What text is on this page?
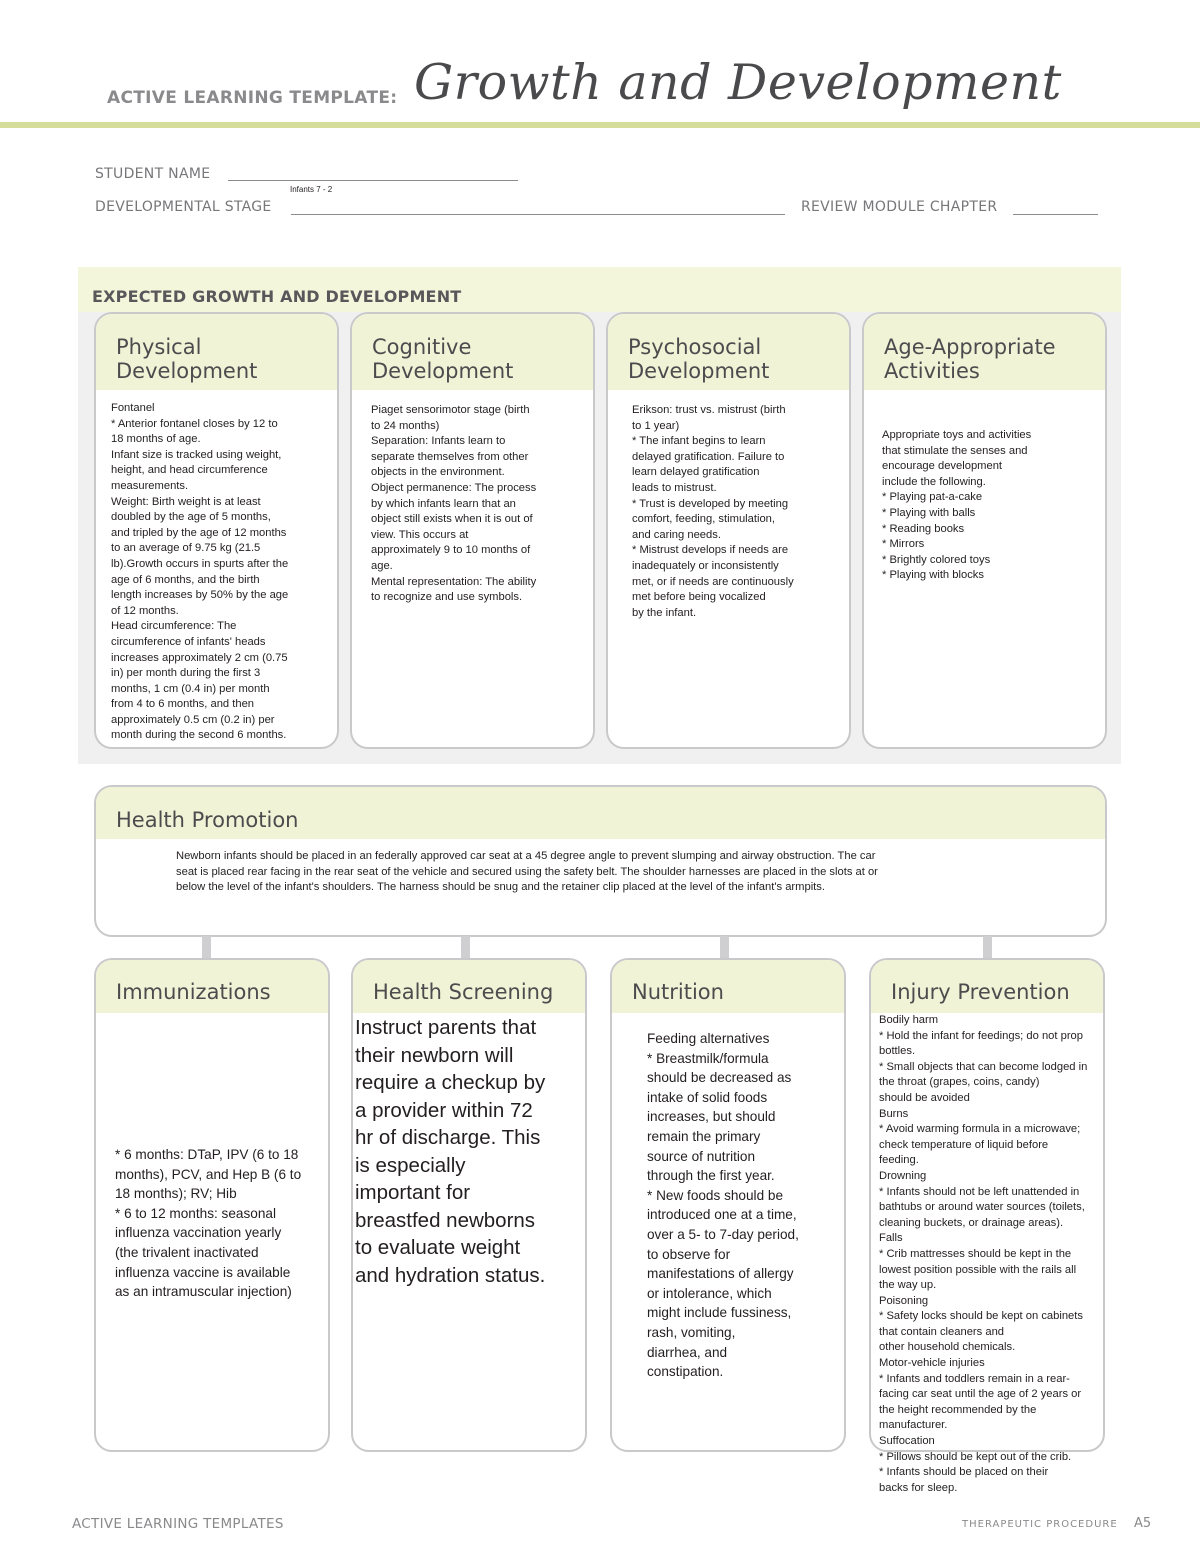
ACTIVE LEARNING TEMPLATE: Growth and Development
STUDENT NAME
Infants 7 - 2
DEVELOPMENTAL STAGE	REVIEW MODULE CHAPTER
EXPECTED GROWTH AND DEVELOPMENT
Physical
Development
Fontanel
* Anterior fontanel closes by 12 to
18 months of age.
Infant size is tracked using weight,
height, and head circumference
measurements.
Weight: Birth weight is at least
doubled by the age of 5 months,
and tripled by the age of 12 months
to an average of 9.75 kg (21.5
lb).Growth occurs in spurts after the
age of 6 months, and the birth
length increases by 50% by the age
of 12 months.
Head circumference: The
circumference of infants' heads
increases approximately 2 cm (0.75
in) per month during the first 3
months, 1 cm (0.4 in) per month
from 4 to 6 months, and then
approximately 0.5 cm (0.2 in) per
month during the second 6 months.
Cognitive
Development
Piaget sensorimotor stage (birth
to 24 months)
Separation: Infants learn to
separate themselves from other
objects in the environment.
Object permanence: The process
by which infants learn that an
object still exists when it is out of
view. This occurs at
approximately 9 to 10 months of
age.
Mental representation: The ability
to recognize and use symbols.
Psychosocial
Development
Erikson: trust vs. mistrust (birth
to 1 year)
* The infant begins to learn
delayed gratification. Failure to
learn delayed gratification
leads to mistrust.
* Trust is developed by meeting
comfort, feeding, stimulation,
and caring needs.
* Mistrust develops if needs are
inadequately or inconsistently
met, or if needs are continuously
met before being vocalized
by the infant.
Age-Appropriate
Activities
Appropriate toys and activities
that stimulate the senses and
encourage development
include the following.
* Playing pat-a-cake
* Playing with balls
* Reading books
* Mirrors
* Brightly colored toys
* Playing with blocks
Health Promotion
Newborn infants should be placed in an federally approved car seat at a 45 degree angle to prevent slumping and airway obstruction. The car
seat is placed rear facing in the rear seat of the vehicle and secured using the safety belt. The shoulder harnesses are placed in the slots at or
below the level of the infant's shoulders. The harness should be snug and the retainer clip placed at the level of the infant's armpits.
Immunizations
* 6 months: DTaP, IPV (6 to 18
months), PCV, and Hep B (6 to
18 months); RV; Hib
* 6 to 12 months: seasonal
influenza vaccination yearly
(the trivalent inactivated
influenza vaccine is available
as an intramuscular injection)
Health Screening
Instruct parents that
their newborn will
require a checkup by
a provider within 72
hr of discharge. This
is especially
important for
breastfed newborns
to evaluate weight
and hydration status.
Nutrition
Feeding alternatives
* Breastmilk/formula
should be decreased as
intake of solid foods
increases, but should
remain the primary
source of nutrition
through the first year.
* New foods should be
introduced one at a time,
over a 5- to 7-day period,
to observe for
manifestations of allergy
or intolerance, which
might include fussiness,
rash, vomiting,
diarrhea, and
constipation.
Injury Prevention
Bodily harm
* Hold the infant for feedings; do not prop
bottles.
* Small objects that can become lodged in
the throat (grapes, coins, candy)
should be avoided
Burns
* Avoid warming formula in a microwave;
check temperature of liquid before
feeding.
Drowning
* Infants should not be left unattended in
bathtubs or around water sources (toilets,
cleaning buckets, or drainage areas).
Falls
* Crib mattresses should be kept in the
lowest position possible with the rails all
the way up.
Poisoning
* Safety locks should be kept on cabinets
that contain cleaners and
other household chemicals.
Motor-vehicle injuries
* Infants and toddlers remain in a rear-
facing car seat until the age of 2 years or
the height recommended by the
manufacturer.
Suffocation
* Pillows should be kept out of the crib.
* Infants should be placed on their
backs for sleep.
ACTIVE LEARNING TEMPLATES	THERAPEUTIC PROCEDURE A5
